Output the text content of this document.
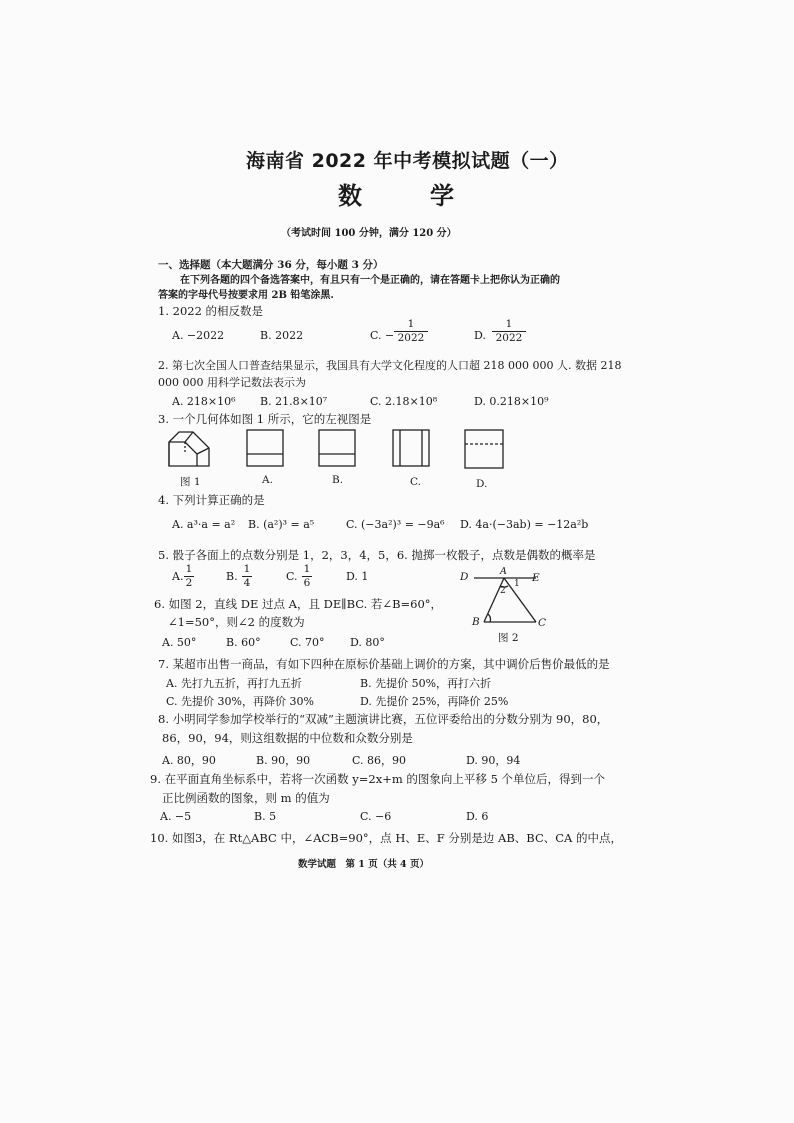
海南省 2022 年中考模拟试题（一）
数　学
（考试时间 100 分钟，满分 120 分）
一、选择题（本大题满分 36 分，每小题 3 分）
在下列各题的四个备选答案中，有且只有一个是正确的，请在答题卡上把你认为正确的
答案的字母代号按要求用 2B 铅笔涂黑.
1. 2022 的相反数是
A. −2022	B. 2022	C. −
1
2022	D.
1
2022
2. 第七次全国人口普查结果显示，我国具有大学文化程度的人口超 218 000 000 人. 数据 218
000 000 用科学记数法表示为
A. 218×10⁶ B. 21.8×10⁷	C. 2.18×10⁸	D. 0.218×10⁹
3. 一个几何体如图 1 所示，它的左视图是
图 1	A.	B.	C.	D.
4. 下列计算正确的是
A. a³·a = a² B. (a²)³ = a⁵	C. (−3a²)³ = −9a⁶ D. 4a·(−3ab) = −12a²b
5. 骰子各面上的点数分别是 1，2，3，4，5，6. 抛掷一枚骰子，点数是偶数的概率是
A.
1
2	B.
1
4	C.
1
6	D. 1
6. 如图 2，直线 DE 过点 A，且 DE∥BC. 若∠B=60°，
∠1=50°，则∠2 的度数为
A. 50°	B. 60°	C. 70° D. 80°
D	A
E
1
2
B	C
图 2
7. 某超市出售一商品，有如下四种在原标价基础上调价的方案，其中调价后售价最低的是
A. 先打九五折，再打九五折	B. 先提价 50%，再打六折
C. 先提价 30%，再降价 30%	D. 先提价 25%，再降价 25%
8. 小明同学参加学校举行的“双减”主题演讲比赛，五位评委给出的分数分别为 90，80，
86，90，94，则这组数据的中位数和众数分别是
A. 80，90	B. 90，90	C. 86，90	D. 90，94
9. 在平面直角坐标系中，若将一次函数 y=2x+m 的图象向上平移 5 个单位后，得到一个
正比例函数的图象，则 m 的值为
A. −5	B. 5	C. −6	D. 6
10. 如图3，在 Rt△ABC 中，∠ACB=90°，点 H、E、F 分别是边 AB、BC、CA 的中点，
数学试题　第 1 页（共 4 页）
